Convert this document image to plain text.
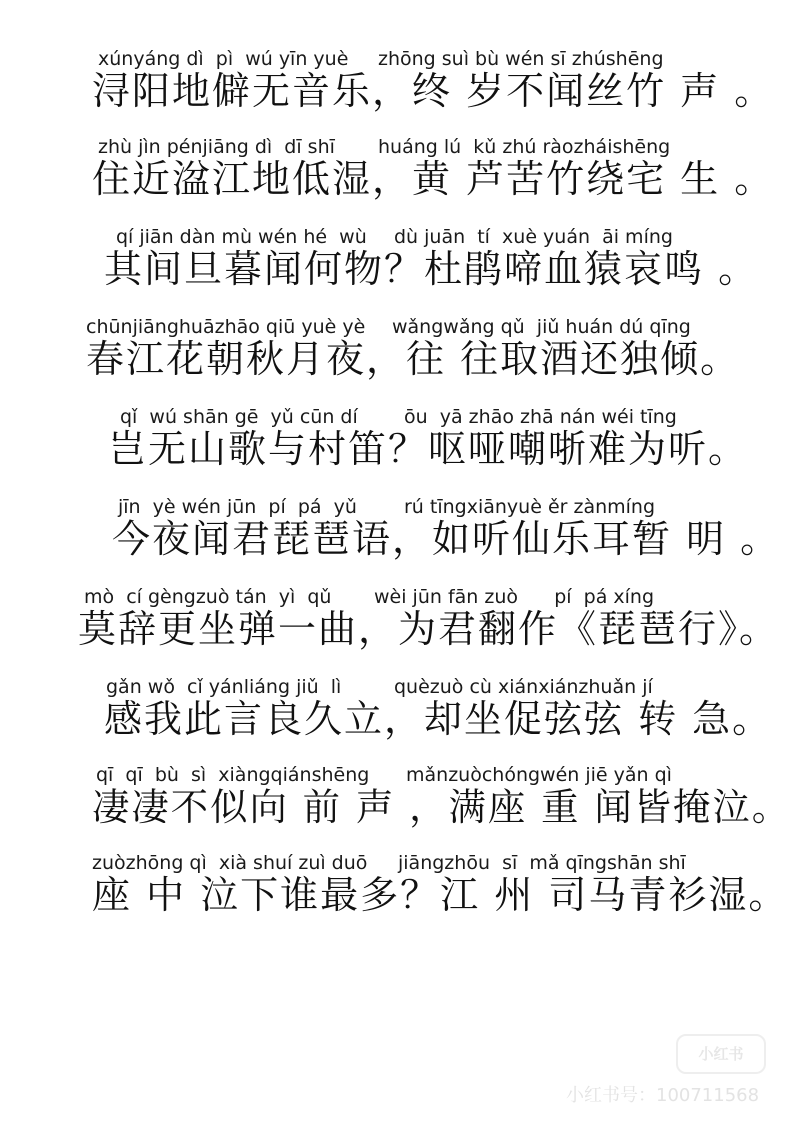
xúnyáng dì  pì  wú yīn yuè zhōng suì bù wén sī zhúshēng
浔阳地僻无音乐，终 岁不闻丝竹 声 。
zhù jìn pénjiāng dì  dī shī huáng lú  kǔ zhú ràozháishēng
住近湓江地低湿，黄 芦苦竹绕宅 生 。
qí jiān dàn mù wén hé  wù dù juān  tí  xuè yuán  āi míng
其间旦暮闻何物？杜鹃啼血猿哀鸣 。
chūnjiānghuāzhāo qiū yuè yè wǎngwǎng qǔ  jiǔ huán dú qīng
春江花朝秋月夜，往 往取酒还独倾。
qǐ  wú shān gē  yǔ cūn dí ōu  yā zhāo zhā nán wéi tīng
岂无山歌与村笛？呕哑嘲哳难为听。
jīn  yè wén jūn  pí  pá  yǔ rú tīngxiānyuè ěr zànmíng
今夜闻君琵琶语，如听仙乐耳暂 明 。
mò  cí gèngzuò tán  yì  qǔ wèi jūn fān zuò      pí  pá xíng
莫辞更坐弹一曲，为君翻作《琵琶行》。
gǎn wǒ  cǐ yánliáng jiǔ  lì	quèzuò cù xiánxiánzhuǎn jí
感我此言良久立，却坐促弦弦 转 急。
qī  qī  bù  sì  xiàngqiánshēng mǎnzuòchóngwén jiē yǎn qì
凄凄不似向 前 声 ，满座 重 闻皆掩泣。
zuòzhōng qì  xià shuí zuì duō jiāngzhōu  sī  mǎ qīngshān shī
座 中 泣下谁最多？江 州 司马青衫湿。
小红书
小红书号：100711568
